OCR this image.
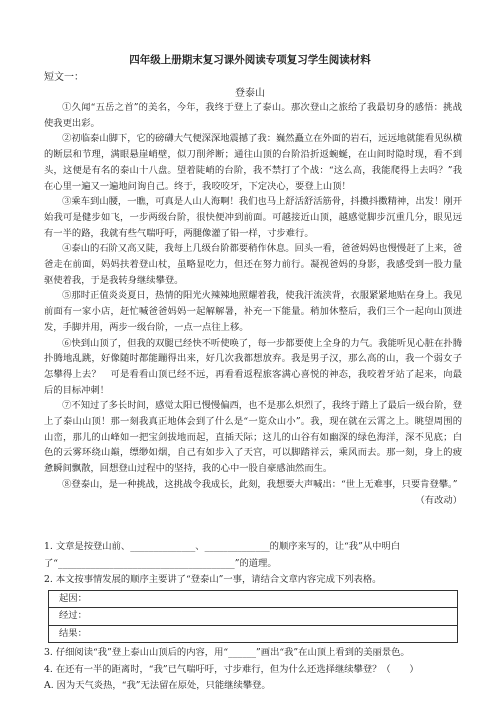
四年级上册期末复习课外阅读专项复习学生阅读材料
短文一：
登泰山

①久闻“五岳之首”的美名，今年，我终于登上了泰山。那次登山之旅给了我最切身的感悟：挑战使我更出彩。

②初临泰山脚下，它的磅礴大气便深深地震撼了我：巍然矗立在外面的岩石，远远地就能看见纵横的断层和节理，满眼悬崖峭壁，似刀削斧断；通往山顶的台阶沿折返蜿蜒，在山间时隐时现，看不到头，这便是有名的泰山十八盘。望着陡峭的台阶，我不禁打了个战：“这么高，我能爬得上去吗？”我在心里一遍又一遍地问询自己。终于，我咬咬牙，下定决心，要登上山顶！

③乘车到山腰，一瞧，可真是人山人海啊！我们也马上舒活舒活筋骨，抖擞抖擞精神，出发！刚开始我可是健步如飞，一步两级台阶，很快便冲到前面。可越接近山顶，越感觉脚步沉重几分，眼见远有一半的路，我就有些气喘吁吁，两腿像灌了铅一样，寸步难行。

④泰山的石阶又高又陡，我每上几级台阶都要稍作休息。回头一看，爸爸妈妈也慢慢赶了上来，爸爸走在前面，妈妈扶着登山杖，虽略显吃力，但还在努力前行。凝视爸妈的身影，我感受到一股力量驱使着我，于是我转身继续攀登。

⑤那时正值炎炎夏日，热情的阳光火辣辣地照耀着我，使我汗流浃背，衣服紧紧地贴在身上。我见前面有一家小店，赶忙喊爸爸妈妈一起解解暑，补充一下能量。稍加休整后，我们三个一起向山顶进发，手脚并用，两步一级台阶，一点一点往上移。

⑥快到山顶了，但我的双腿已经快不听使唤了，每一步都要使上全身的力气。我能听见心脏在扑腾扑腾地乱跳，好像随时都能蹦得出来，好几次我都想放弃。我是男子汉，那么高的山，我一个弱女子怎攀得上去？　可是看看山顶已经不远，再看看返程旅客满心喜悦的神态，我咬着牙站了起来，向最后的目标冲刺！

⑦不知过了多长时间，感觉太阳已慢慢偏西，也不是那么炽烈了，我终于踏上了最后一级台阶，登上了泰山山顶！那一刻我真正地体会到了什么是“一览众山小”。我，现在就在云霄之上。眺望周围的山峦，那儿的山峰如一把宝剑拔地而起，直插天际；这儿的山谷有如幽深的绿色海洋，深不见底；白色的云雾环绕山巅，缥缈如烟，自己有如步入了天宫，可以脚踏祥云，乘风而去。那一刻，身上的疲惫瞬间飘散，回想登山过程中的坚持，我的心中一股自豪感油然而生。

⑧登泰山，是一种挑战，这挑战令我成长，此刻，我想要大声喊出：“世上无难事，只要肯登攀。”

（有改动）

1. 文章是按登山前、______________、______________的顺序来写的，让“我”从中明白了“______________________________________”的道理。

2. 本文按事情发展的顺序主要讲了“登泰山”一事，请结合文章内容完成下列表格。

起因：
经过：
结果：

3. 仔细阅读“我”登上泰山山顶后的内容，用“______”画出“我”在山顶上看到的美丽景色。

4. 在还有一半的距离时，“我”已气喘吁吁，寸步难行，但为什么还选择继续攀登？（　　）

A. 因为天气炎热，“我”无法留在原处，只能继续攀登。
